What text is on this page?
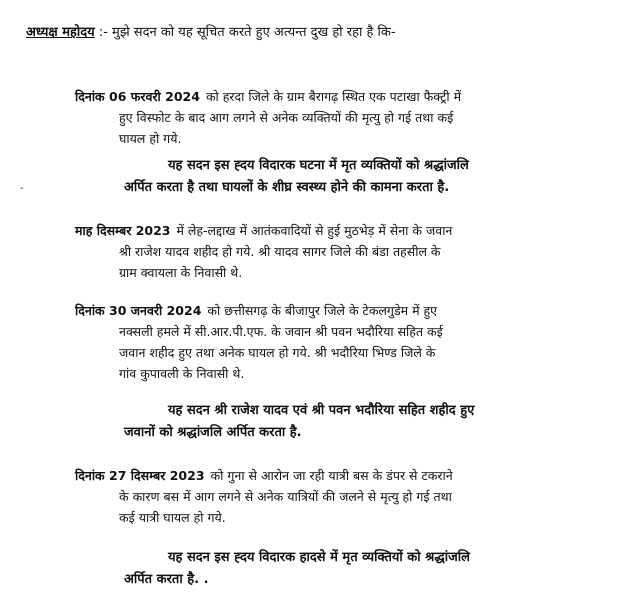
अध्यक्ष महोदय :- मुझे सदन को यह सूचित करते हुए अत्यन्त दुख हो रहा है कि-
दिनांक 06 फरवरी 2024 को हरदा जिले के ग्राम बैरागढ़ स्थित एक पटाखा फैक्ट्री में
हुए विस्फोट के बाद आग लगने से अनेक व्यक्तियों की मृत्यु हो गई तथा कई
घायल हो गये.
यह सदन इस ह्दय विदारक घटना में मृत व्यक्तियों को श्रद्धांजलि
अर्पित करता है तथा घायलों के शीघ्र स्वस्थ्य होने की कामना करता है.
-
माह दिसम्बर 2023 में लेह-लद्दाख में आतंकवादियों से हुई मुठभेड़ में सेना के जवान
श्री राजेश यादव शहीद हो गये. श्री यादव सागर जिले की बंडा तहसील के
ग्राम क्वायला के निवासी थे.
दिनांक 30 जनवरी 2024 को छत्तीसगढ़ के बीजापुर जिले के टेकलगुडेम में हुए
नक्सली हमले में सी.आर.पी.एफ. के जवान श्री पवन भदौरिया सहित कई
जवान शहीद हुए तथा अनेक घायल हो गये. श्री भदौरिया भिण्ड जिले के
गांव कुपावली के निवासी थे.
यह सदन श्री राजेश यादव एवं श्री पवन भदौरिया सहित शहीद हुए
जवानों को श्रद्धांजलि अर्पित करता है.
दिनांक 27 दिसम्बर 2023 को गुना से आरोन जा रही यात्री बस के डंपर से टकराने
के कारण बस में आग लगने से अनेक यात्रियों की जलने से मृत्यु हो गई तथा
कई यात्री घायल हो गये.
यह सदन इस ह्दय विदारक हादसे में मृत व्यक्तियों को श्रद्धांजलि
अर्पित करता है. .
